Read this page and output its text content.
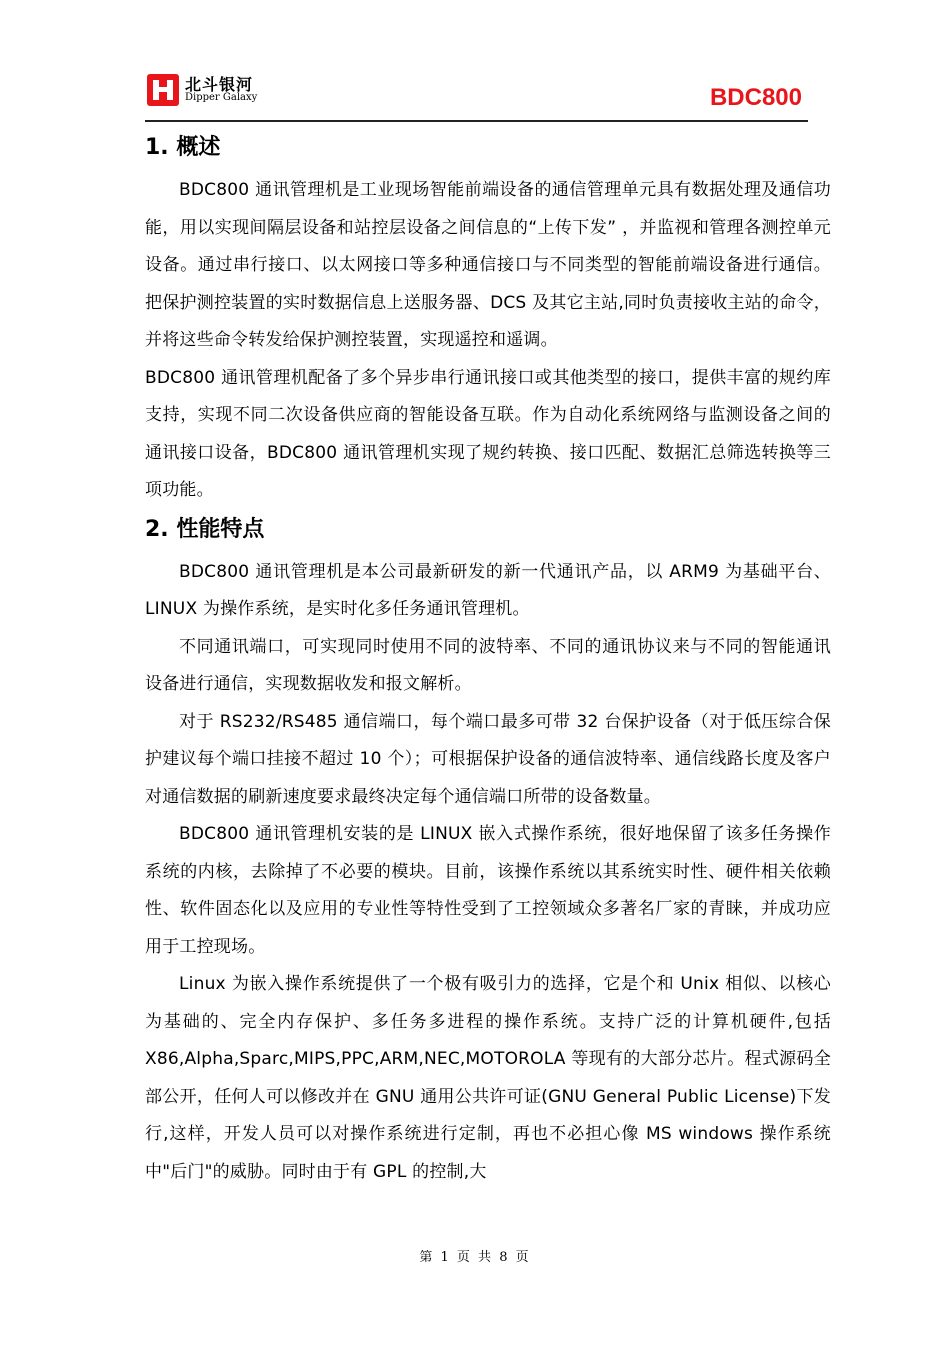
北斗银河
Dipper Galaxy	BDC800
1. 概述

BDC800 通讯管理机是工业现场智能前端设备的通信管理单元具有数据处理及通信功能，用以实现间隔层设备和站控层设备之间信息的“上传下发” ，并监视和管理各测控单元设备。通过串行接口、以太网接口等多种通信接口与不同类型的智能前端设备进行通信。把保护测控装置的实时数据信息上送服务器、DCS 及其它主站,同时负责接收主站的命令，并将这些命令转发给保护测控装置，实现遥控和遥调。

BDC800 通讯管理机配备了多个异步串行通讯接口或其他类型的接口，提供丰富的规约库支持，实现不同二次设备供应商的智能设备互联。作为自动化系统网络与监测设备之间的通讯接口设备，BDC800 通讯管理机实现了规约转换、接口匹配、数据汇总筛选转换等三项功能。

2. 性能特点

BDC800 通讯管理机是本公司最新研发的新一代通讯产品，以 ARM9 为基础平台、LINUX 为操作系统，是实时化多任务通讯管理机。

不同通讯端口，可实现同时使用不同的波特率、不同的通讯协议来与不同的智能通讯设备进行通信，实现数据收发和报文解析。

对于 RS232/RS485 通信端口，每个端口最多可带 32 台保护设备（对于低压综合保护建议每个端口挂接不超过 10 个）；可根据保护设备的通信波特率、通信线路长度及客户对通信数据的刷新速度要求最终决定每个通信端口所带的设备数量。

BDC800 通讯管理机安装的是 LINUX 嵌入式操作系统，很好地保留了该多任务操作系统的内核，去除掉了不必要的模块。目前，该操作系统以其系统实时性、硬件相关依赖性、软件固态化以及应用的专业性等特性受到了工控领域众多著名厂家的青睐，并成功应用于工控现场。

Linux 为嵌入操作系统提供了一个极有吸引力的选择，它是个和 Unix 相似、以核心为基础的、完全内存保护、多任务多进程的操作系统。支持广泛的计算机硬件,包括 X86,Alpha,Sparc,MIPS,PPC,ARM,NEC,MOTOROLA 等现有的大部分芯片。程式源码全部公开，任何人可以修改并在 GNU 通用公共许可证(GNU General Public License)下发行,这样，开发人员可以对操作系统进行定制，再也不必担心像 MS windows 操作系统中"后门"的威胁。同时由于有 GPL 的控制,大

第 1 页 共 8 页
